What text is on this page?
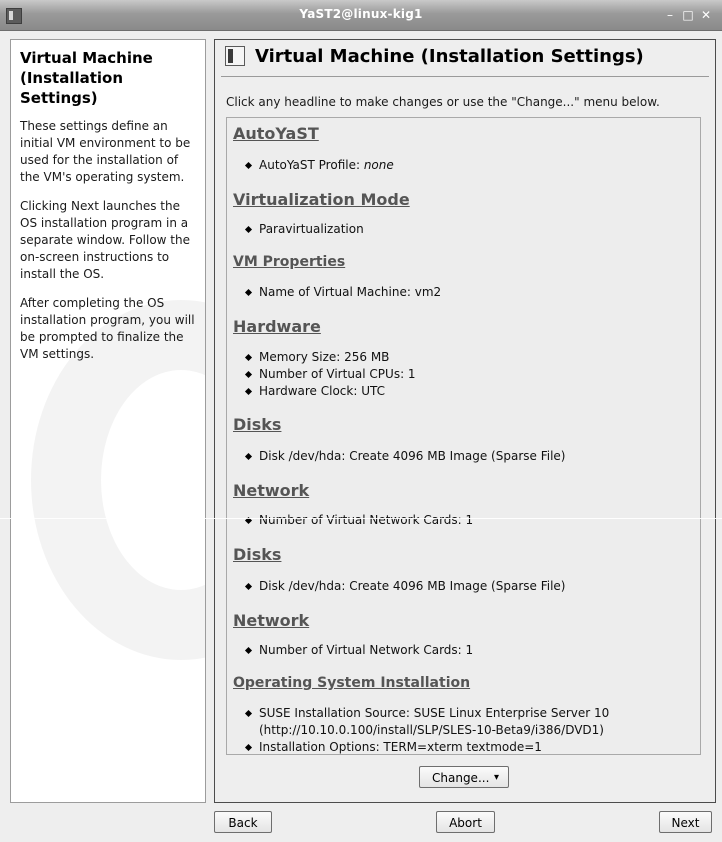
YaST2@linux-kig1	– □ ✕
Virtual Machine (Installation Settings)

These settings define an initial VM environment to be used for the installation of the VM's operating system.

Clicking Next launches the OS installation program in a separate window. Follow the on-screen instructions to install the OS.

After completing the OS installation program, you will be prompted to finalize the VM settings.

Virtual Machine (Installation Settings)
Click any headline to make changes or use the "Change..." menu below.
AutoYaST
AutoYaST Profile: none
Virtualization Mode
Paravirtualization
VM Properties
Name of Virtual Machine: vm2
Hardware
Memory Size: 256 MB
Number of Virtual CPUs: 1
Hardware Clock: UTC
Disks
Disk /dev/hda: Create 4096 MB Image (Sparse File)
Network
Number of Virtual Network Cards: 1
Disks
Disk /dev/hda: Create 4096 MB Image (Sparse File)
Network
Number of Virtual Network Cards: 1
Operating System Installation
SUSE Installation Source: SUSE Linux Enterprise Server 10 (http://10.10.0.100/install/SLP/SLES-10-Beta9/i386/DVD1)
Installation Options: TERM=xterm textmode=1
Change... ▾
Back	Abort	Next
